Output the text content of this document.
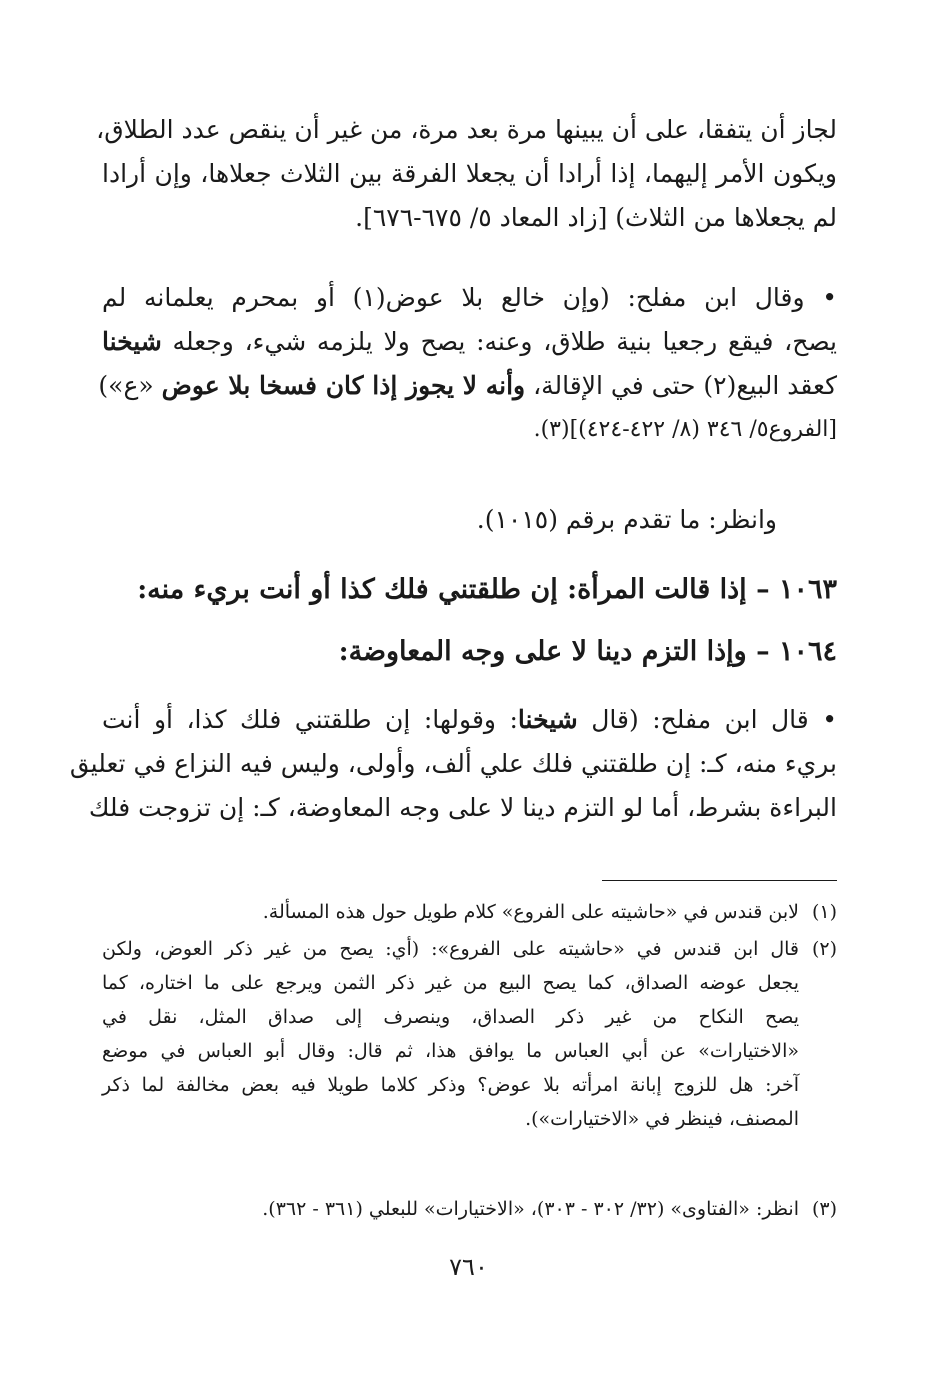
لجاز أن يتفقا، على أن يبينها مرة بعد مرة، من غير أن ينقص عدد الطلاق،
ويكون الأمر إليهما، إذا أرادا أن يجعلا الفرقة بين الثلاث جعلاها، وإن أرادا
لم يجعلاها من الثلاث) [زاد المعاد ٥/ ٦٧٥-٦٧٦].
• وقال ابن مفلح: (وإن خالع بلا عوض(١) أو بمحرم يعلمانه لم
يصح، فيقع رجعيا بنية طلاق، وعنه: يصح ولا يلزمه شيء، وجعله شيخنا
كعقد البيع(٢) حتى في الإقالة، وأنه لا يجوز إذا كان فسخا بلا عوض «ع»)
[الفروع٥/ ٣٤٦ (٨/ ٤٢٢-٤٢٤)](٣).
وانظر: ما تقدم برقم (١٠١٥).
١٠٦٣ – إذا قالت المرأة: إن طلقتني فلك كذا أو أنت بريء منه:
١٠٦٤ – وإذا التزم دينا لا على وجه المعاوضة:
• قال ابن مفلح: (قال شيخنا: وقولها: إن طلقتني فلك كذا، أو أنت
بريء منه، كـ: إن طلقتني فلك علي ألف، وأولى، وليس فيه النزاع في تعليق
البراءة بشرط، أما لو التزم دينا لا على وجه المعاوضة، كـ: إن تزوجت فلك
(١)
لابن قندس في «حاشيته على الفروع» كلام طويل حول هذه المسألة.
(٢)
قال ابن قندس في «حاشيته على الفروع»: (أي: يصح من غير ذكر العوض، ولكن
يجعل عوضه الصداق، كما يصح البيع من غير ذكر الثمن ويرجع على ما اختاره، كما
يصح النكاح من غير ذكر الصداق، وينصرف إلى صداق المثل، نقل في
«الاختيارات» عن أبي العباس ما يوافق هذا، ثم قال: وقال أبو العباس في موضع
آخر: هل للزوج إبانة امرأته بلا عوض؟ وذكر كلاما طويلا فيه بعض مخالفة لما ذكر
المصنف، فينظر في «الاختيارات»).
(٣)
انظر: «الفتاوى» (٣٢/ ٣٠٢ - ٣٠٣)، «الاختيارات» للبعلي (٣٦١ - ٣٦٢).
٧٦٠
